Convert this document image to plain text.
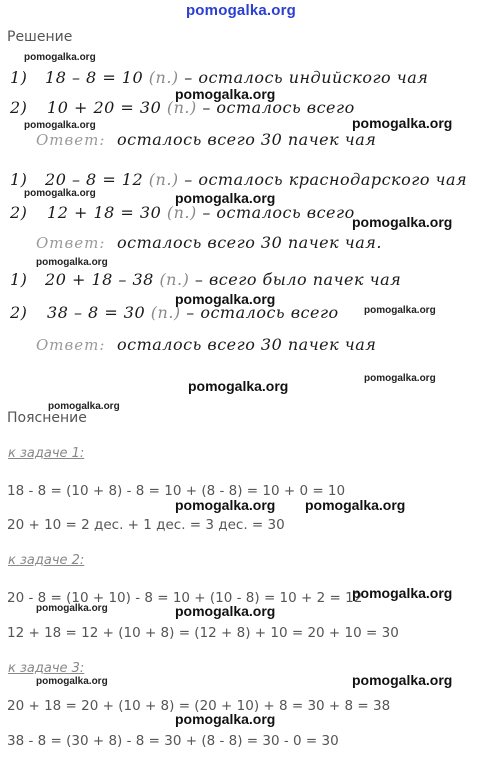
pomogalka.org
Решение
1) 18 – 8 = 10 (п.) – осталось индийского чая
2) 10 + 20 = 30 (п.) – осталось всего
Ответ: осталось всего 30 пачек чая
1) 20 – 8 = 12 (п.) – осталось краснодарского чая
2) 12 + 18 = 30 (п.) – осталось всего
Ответ: осталось всего 30 пачек чая.
1) 20 + 18 – 38 (п.) – всего было пачек чая
2) 38 – 8 = 30 (п.) – осталось всего
Ответ: осталось всего 30 пачек чая
Пояснение
к задаче 1:
18 - 8 = (10 + 8) - 8 = 10 + (8 - 8) = 10 + 0 = 10
20 + 10 = 2 дес. + 1 дес. = 3 дес. = 30
к задаче 2:
20 - 8 = (10 + 10) - 8 = 10 + (10 - 8) = 10 + 2 = 12
12 + 18 = 12 + (10 + 8) = (12 + 8) + 10 = 20 + 10 = 30
к задаче 3:
20 + 18 = 20 + (10 + 8) = (20 + 10) + 8 = 30 + 8 = 38
38 - 8 = (30 + 8) - 8 = 30 + (8 - 8) = 30 - 0 = 30
pomogalka.org
pomogalka.org
pomogalka.org	pomogalka.org
pomogalka.org	pomogalka.org
pomogalka.org
pomogalka.org
pomogalka.org
pomogalka.org
pomogalka.org	pomogalka.org
pomogalka.org
pomogalka.org pomogalka.org
pomogalka.org
pomogalka.org	pomogalka.org
pomogalka.org
pomogalka.org
pomogalka.org
